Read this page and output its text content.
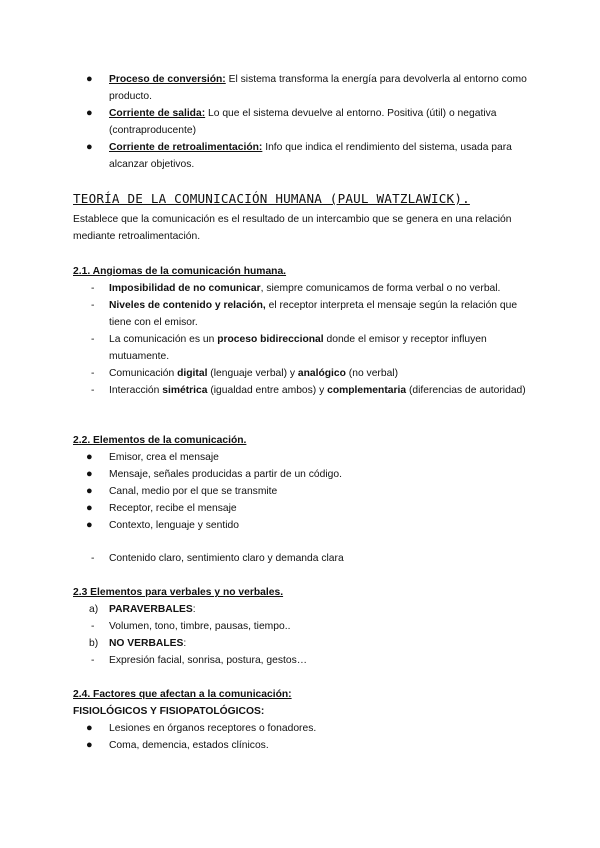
● Proceso de conversión: El sistema transforma la energía para devolverla al entorno como producto.
● Corriente de salida: Lo que el sistema devuelve al entorno. Positiva (útil) o negativa (contraproducente)
● Corriente de retroalimentación: Info que indica el rendimiento del sistema, usada para alcanzar objetivos.
TEORÍA DE LA COMUNICACIÓN HUMANA (PAUL WATZLAWICK).
Establece que la comunicación es el resultado de un intercambio que se genera en una relación mediante retroalimentación.
2.1. Angiomas de la comunicación humana.
- Imposibilidad de no comunicar, siempre comunicamos de forma verbal o no verbal.
- Niveles de contenido y relación, el receptor interpreta el mensaje según la relación que tiene con el emisor.
- La comunicación es un proceso bidireccional donde el emisor y receptor influyen mutuamente.
- Comunicación digital (lenguaje verbal) y analógico (no verbal)
- Interacción simétrica (igualdad entre ambos) y complementaria (diferencias de autoridad)
2.2. Elementos de la comunicación.
● Emisor, crea el mensaje
● Mensaje, señales producidas a partir de un código.
● Canal, medio por el que se transmite
● Receptor, recibe el mensaje
● Contexto, lenguaje y sentido
- Contenido claro, sentimiento claro y demanda clara
2.3 Elementos para verbales y no verbales.
a) PARAVERBALES:
- Volumen, tono, timbre, pausas, tiempo..
b) NO VERBALES:
- Expresión facial, sonrisa, postura, gestos…
2.4. Factores que afectan a la comunicación:
FISIOLÓGICOS Y FISIOPATOLÓGICOS:
● Lesiones en órganos receptores o fonadores.
● Coma, demencia, estados clínicos.
